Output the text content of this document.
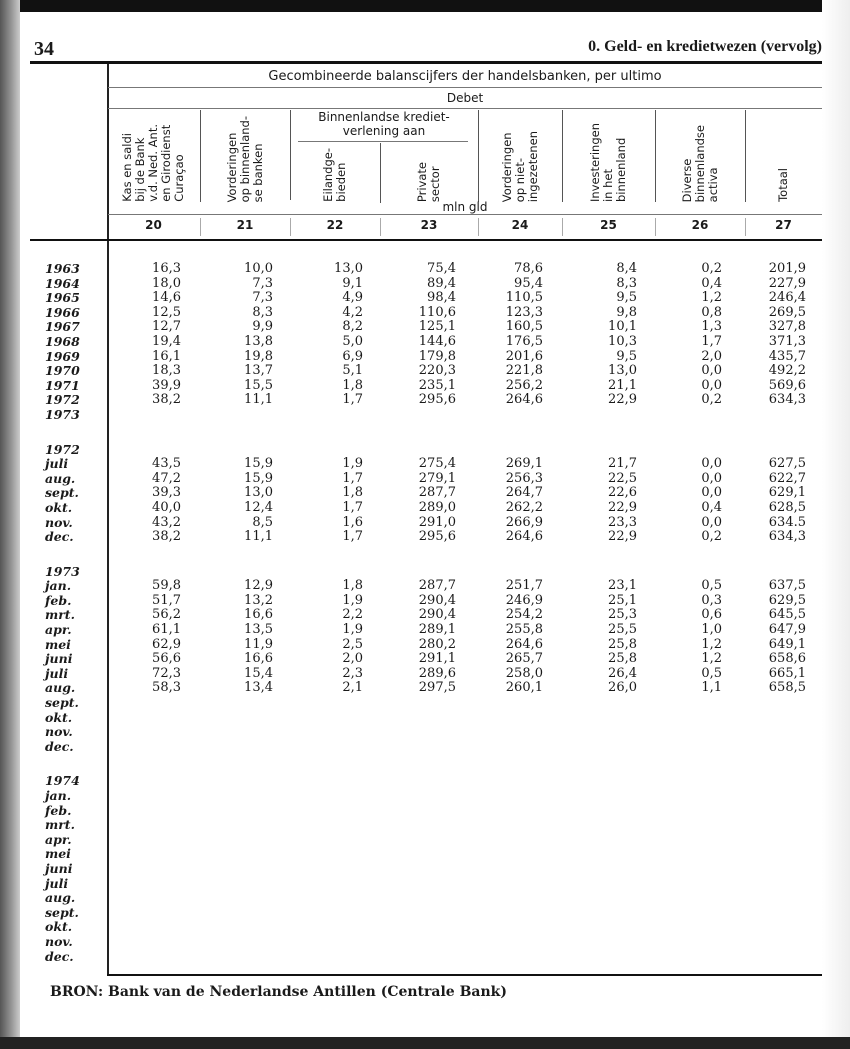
34	0. Geld- en kredietwezen (vervolg)
Gecombineerde balanscijfers der handelsbanken, per ultimo
Debet
Binnenlandse krediet-
verlening aan
Kas en saldi
bij de Bank
v.d. Ned. Ant.
en Girodienst
Curaçao
20
Vorderingen
op binnenland-
se banken
21
Eilandge-
bieden
22
Private
sector
23
Vorderingen
op niet-
ingezetenen
24
Investeringen
in het
binnenland
25
Diverse
binnenlandse
activa
26
Totaal
27
mln gld
1963	16,3	10,0	13,0	75,4	78,6	8,4	0,2	201,9
1964	18,0	7,3	9,1	89,4	95,4	8,3	0,4	227,9
1965	14,6	7,3	4,9	98,4	110,5	9,5	1,2	246,4
1966	12,5	8,3	4,2	110,6	123,3	9,8	0,8	269,5
1967	12,7	9,9	8,2	125,1	160,5	10,1	1,3	327,8
1968	19,4	13,8	5,0	144,6	176,5	10,3	1,7	371,3
1969	16,1	19,8	6,9	179,8	201,6	9,5	2,0	435,7
1970	18,3	13,7	5,1	220,3	221,8	13,0	0,0	492,2
1971	39,9	15,5	1,8	235,1	256,2	21,1	0,0	569,6
1972	38,2	11,1	1,7	295,6	264,6	22,9	0,2	634,3
1973
1972
juli	43,5	15,9	1,9	275,4	269,1	21,7	0,0	627,5
aug.	47,2	15,9	1,7	279,1	256,3	22,5	0,0	622,7
sept.	39,3	13,0	1,8	287,7	264,7	22,6	0,0	629,1
okt.	40,0	12,4	1,7	289,0	262,2	22,9	0,4	628,5
nov.	43,2	8,5	1,6	291,0	266,9	23,3	0,0	634.5
dec.	38,2	11,1	1,7	295,6	264,6	22,9	0,2	634,3
1973
jan.	59,8	12,9	1,8	287,7	251,7	23,1	0,5	637,5
feb.	51,7	13,2	1,9	290,4	246,9	25,1	0,3	629,5
mrt.	56,2	16,6	2,2	290,4	254,2	25,3	0,6	645,5
apr.	61,1	13,5	1,9	289,1	255,8	25,5	1,0	647,9
mei	62,9	11,9	2,5	280,2	264,6	25,8	1,2	649,1
juni	56,6	16,6	2,0	291,1	265,7	25,8	1,2	658,6
juli	72,3	15,4	2,3	289,6	258,0	26,4	0,5	665,1
aug.	58,3	13,4	2,1	297,5	260,1	26,0	1,1	658,5
sept.
okt.
nov.
dec.
1974
jan.
feb.
mrt.
apr.
mei
juni
juli
aug.
sept.
okt.
nov.
dec.
BRON: Bank van de Nederlandse Antillen (Centrale Bank)
